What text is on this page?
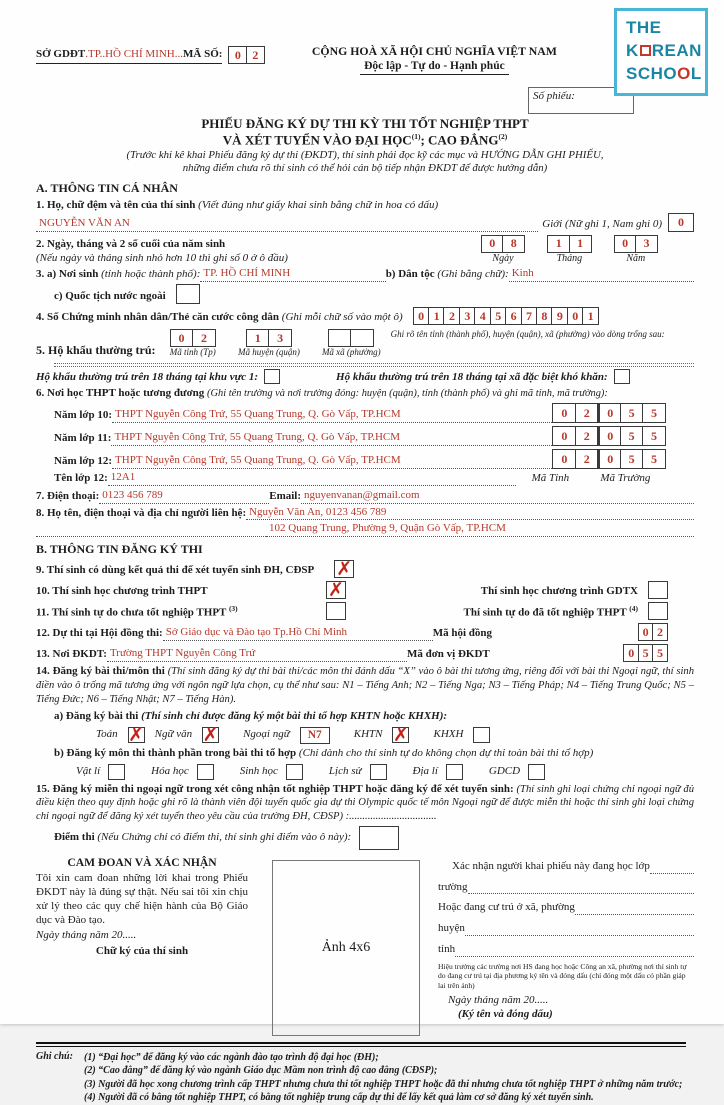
THE
K REAN
SCHOOL
SỞ GDĐT.TP..HỒ CHÍ MINH...MÃ SỐ:	0 2	CỘNG HOÀ XÃ HỘI CHỦ NGHĨA VIỆT NAM
Độc lập - Tự do - Hạnh phúc
Số phiếu:
PHIẾU ĐĂNG KÝ DỰ THI KỲ THI TỐT NGHIỆP THPT
VÀ XÉT TUYỂN VÀO ĐẠI HỌC$^{(1)}$; CAO ĐẲNG$^{(2)}$
(Trước khi kê khai Phiếu đăng ký dự thi (ĐKDT), thí sinh phải đọc kỹ các mục và HƯỚNG DẪN GHI PHIẾU,
những điểm chưa rõ thí sinh có thể hỏi cán bộ tiếp nhận ĐKDT để được hướng dẫn)
A. THÔNG TIN CÁ NHÂN
1. Họ, chữ đệm và tên của thí sinh (Viết đúng như giấy khai sinh bằng chữ in hoa có dấu)
NGUYỄN VĂN AN	Giới (Nữ ghi 1, Nam ghi 0)	0
2. Ngày, tháng và 2 số cuối của năm sinh
(Nếu ngày và tháng sinh nhỏ hơn 10 thì ghi số 0 ở ô đầu)
0	8
Ngày
1	1
Tháng
0	3
Năm
3. a) Nơi sinh
(tỉnh hoặc thành phố): TP. HỒ CHÍ MINH	b) Dân tộc
(Ghi bằng chữ): Kinh
c) Quốc tịch nước ngoài
4. Số Chứng minh nhân dân/Thẻ căn cước công dân
(Ghi mỗi chữ số vào một ô)	0 1 2 3 4 5 6 7 8 9 0 1
5. Hộ khẩu thường trú:
0	2
Mã tỉnh (Tp)
1	3
Mã huyện (quận) Mã xã (phường)
Ghi rõ tên tỉnh (thành phố), huyện (quận), xã (phường) vào dòng trống sau:
Hộ khẩu thường trú trên 18 tháng tại khu vực 1:	Hộ khẩu thường trú trên 18 tháng tại xã đặc biệt khó khăn:
6. Nơi học THPT hoặc tương đương (Ghi tên trường và nơi trường đóng: huyện (quận), tỉnh (thành phố) và ghi mã tỉnh, mã trường):
Năm lớp 10: THPT Nguyễn Công Trứ, 55 Quang Trung, Q. Gò Vấp, TP.HCM	0	2	0	5	5
Năm lớp 11: THPT Nguyễn Công Trứ, 55 Quang Trung, Q. Gò Vấp, TP.HCM	0	2	0	5	5
Năm lớp 12: THPT Nguyễn Công Trứ, 55 Quang Trung, Q. Gò Vấp, TP.HCM	0	2	0	5	5
Tên lớp 12: 12A1	Mã Tỉnh	Mã Trường
7. Điện thoại: 0123 456 789	Email: nguyenvanan@gmail.com
8. Họ tên, điện thoại và địa chỉ người liên hệ: Nguyễn Văn An, 0123 456 789
102 Quang Trung, Phường 9, Quận Gò Vấp, TP.HCM
B. THÔNG TIN ĐĂNG KÝ THI
9. Thí sinh có dùng kết quả thi để xét tuyển sinh ĐH, CĐSP ✗
10. Thí sinh học chương trình THPT	✗	Thí sinh học chương trình GDTX
11. Thí sinh tự do chưa tốt nghiệp THPT $^{(3)}$	Thí sinh tự do đã tốt nghiệp THPT $^{(4)}$
12. Dự thi tại Hội đồng thi: Sở Giáo dục và Đào tạo Tp.Hồ Chí Minh	Mã hội đồng	0 2
13. Nơi ĐKDT: Trường THPT Nguyễn Công Trứ	Mã đơn vị ĐKDT	0 5 5
14. Đăng ký bài thi/môn thi (Thí sinh đăng ký dự thi bài thi/các môn thi đánh dấu “X” vào ô bài thi tương ứng, riêng đối với bài thi Ngoại ngữ, thí sinh điền vào ô trống mã tương ứng với ngôn ngữ lựa chọn, cụ thể như sau: N1 – Tiếng Anh; N2 – Tiếng Nga; N3 – Tiếng Pháp; N4 – Tiếng Trung Quốc; N5 – Tiếng Đức; N6 – Tiếng Nhật; N7 – Tiếng Hàn).
a) Đăng ký bài thi (Thí sinh chỉ được đăng ký một bài thi tổ hợp KHTN hoặc KHXH):
Toán ✗ Ngữ văn ✗ Ngoại ngữ	N7	KHTN ✗ KHXH
b) Đăng ký môn thi thành phần trong bài thi tổ hợp (Chỉ dành cho thí sinh tự do không chọn dự thi toàn bài thi tổ hợp)
Vật lí	Hóa học	Sinh học	Lịch sử	Địa lí	GDCD
15. Đăng ký miễn thi ngoại ngữ trong xét công nhận tốt nghiệp THPT hoặc đăng ký để xét tuyển sinh: (Thí sinh ghi loại chứng chỉ ngoại ngữ đủ điều kiện theo quy định hoặc ghi rõ là thành viên đội tuyển quốc gia dự thi Olympic quốc tế môn Ngoại ngữ để được miễn thi hoặc thí sinh ghi loại chứng chỉ ngoại ngữ để đăng ký xét tuyển theo yêu cầu của trường ĐH, CĐSP) :.................................
Điểm thi
(Nếu Chứng chỉ có điểm thi, thí sinh ghi điểm vào ô này):
CAM ĐOAN VÀ XÁC NHẬN
Tôi xin cam đoan những lời khai trong Phiếu ĐKDT này là đúng sự thật. Nếu sai tôi xin chịu xử lý theo các quy chế hiện hành của Bộ Giáo dục và Đào tạo.
Ngày tháng năm 20.....
Chữ ký của thí sinh	Ảnh 4x6
Xác nhận người khai phiếu này đang học lớp
trường
Hoặc đang cư trú ở xã, phường
huyện
tỉnh
Hiệu trưởng các trường nơi HS đang học hoặc Công an xã, phường nơi thí sinh tự do đang cư trú tại địa phương ký tên và đóng dấu (chỉ đóng một dấu có phần giáp lai trên ảnh)
Ngày tháng năm 20.....
(Ký tên và đóng dấu)
Ghi chú:	(1) “Đại học” để đăng ký vào các ngành đào tạo trình độ đại học (ĐH);
(2) “Cao đẳng” để đăng ký vào ngành Giáo dục Mầm non trình độ cao đẳng (CĐSP);
(3) Người đã học xong chương trình cấp THPT nhưng chưa thi tốt nghiệp THPT hoặc đã thi nhưng chưa tốt nghiệp THPT ở những năm trước;
(4) Người đã có bằng tốt nghiệp THPT, có bằng tốt nghiệp trung cấp dự thi để lấy kết quả làm cơ sở đăng ký xét tuyển sinh.
